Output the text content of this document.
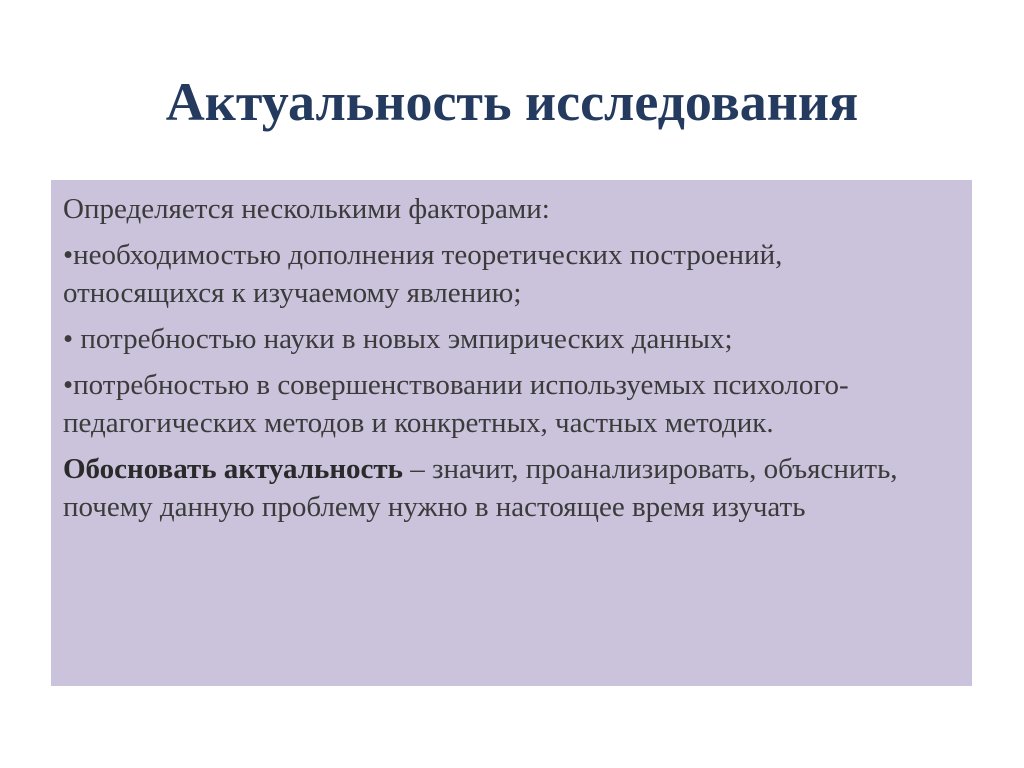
Актуальность исследования

Определяется несколькими факторами:

•необходимостью дополнения теоретических построений, относящихся к изучаемому явлению;

• потребностью науки в новых эмпирических данных;

•потребностью в совершенствовании используемых психолого-педагогических методов и конкретных, частных методик.

Обосновать актуальность – значит, проанализировать, объяснить, почему данную проблему нужно в настоящее время изучать
